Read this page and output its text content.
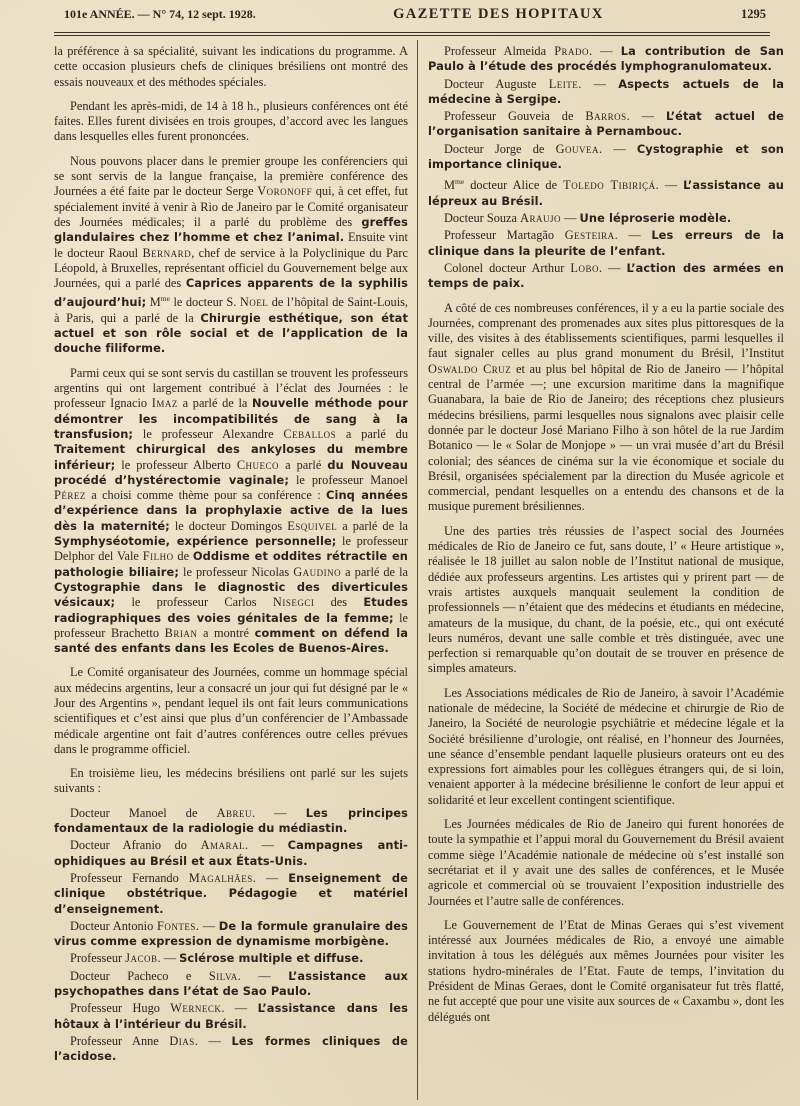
101e ANNÉE. — N° 74, 12 sept. 1928.	GAZETTE DES HOPITAUX	1295

la préférence à sa spécialité, suivant les indications du programme. A cette occasion plusieurs chefs de cliniques brésiliens ont montré des essais nouveaux et des méthodes spéciales.

Pendant les après-midi, de 14 à 18 h., plusieurs conférences ont été faites. Elles furent divisées en trois groupes, d’accord avec les langues dans lesquelles elles furent prononcées.

Nous pouvons placer dans le premier groupe les conférenciers qui se sont servis de la langue française, la première conférence des Journées a été faite par le docteur Serge Voronoff qui, à cet effet, fut spécialement invité à venir à Rio de Janeiro par le Comité organisateur des Journées médicales; il a parlé du problème des greffes glandulaires chez l’homme et chez l’animal. Ensuite vint le docteur Raoul Bernard, chef de service à la Polyclinique du Parc Léopold, à Bruxelles, représentant officiel du Gouvernement belge aux Journées, qui a parlé des Caprices apparents de la syphilis d’aujourd’hui; $M^{me}$ le docteur S. Noel de l’hôpital de Saint-Louis, à Paris, qui a parlé de la Chirurgie esthétique, son état actuel et son rôle social et de l’application de la douche filiforme.

Parmi ceux qui se sont servis du castillan se trouvent les professeurs argentins qui ont largement contribué à l’éclat des Journées : le professeur Ignacio Imaz a parlé de la Nouvelle méthode pour démontrer les incompatibilités de sang à la transfusion; le professeur Alexandre Ceballos a parlé du Traitement chirurgical des ankyloses du membre inférieur; le professeur Alberto Chueco a parlé du Nouveau procédé d’hystérectomie vaginale; le professeur Manoel Pérez a choisi comme thème pour sa conférence : Cinq années d’expérience dans la prophylaxie active de la lues dès la maternité; le docteur Domingos Esquivel a parlé de la Symphyséotomie, expérience personnelle; le professeur Delphor del Vale Filho de Oddisme et oddites rétractile en pathologie biliaire; le professeur Nicolas Gaudino a parlé de la Cystographie dans le diagnostic des diverticules vésicaux; le professeur Carlos Nisegci des Etudes radiographiques des voies génitales de la femme; le professeur Brachetto Brian a montré comment on défend la santé des enfants dans les Ecoles de Buenos-Aires.

Le Comité organisateur des Journées, comme un hommage spécial aux médecins argentins, leur a consacré un jour qui fut désigné par le « Jour des Argentins », pendant lequel ils ont fait leurs communications scientifiques et c’est ainsi que plus d’un conférencier de l’Ambassade médicale argentine ont fait d’autres conférences outre celles prévues dans le programme officiel.

En troisième lieu, les médecins brésiliens ont parlé sur les sujets suivants :

Docteur Manoel de Abreu. — Les principes fondamentaux de la radiologie du médiastin.

Docteur Afranio do Amaral. — Campagnes anti-ophidiques au Brésil et aux États-Unis.

Professeur Fernando Magalhães. — Enseignement de clinique obstétrique. Pédagogie et matériel d’enseignement.

Docteur Antonio Fontes. — De la formule granulaire des virus comme expression de dynamisme morbigène.

Professeur Jacob. — Sclérose multiple et diffuse.

Docteur Pacheco e Silva. — L’assistance aux psychopathes dans l’état de Sao Paulo.

Professeur Hugo Werneck. — L’assistance dans les hôtaux à l’intérieur du Brésil.

Professeur Anne Dias. — Les formes cliniques de l’acidose.

Professeur Almeida Prado. — La contribution de San Paulo à l’étude des procédés lymphogranulomateux.

Docteur Auguste Leite. — Aspects actuels de la médecine à Sergipe.

Professeur Gouveia de Barros. — L’état actuel de l’organisation sanitaire à Pernambouc.

Docteur Jorge de Gouvea. — Cystographie et son importance clinique.

$M^{me}$ docteur Alice de Toledo Tibiriçá. — L’assistance au lépreux au Brésil.

Docteur Souza Araujo — Une léproserie modèle.

Professeur Martagão Gesteira. — Les erreurs de la clinique dans la pleurite de l’enfant.

Colonel docteur Arthur Lobo. — L’action des armées en temps de paix.

A côté de ces nombreuses conférences, il y a eu la partie sociale des Journées, comprenant des promenades aux sites plus pittoresques de la ville, des visites à des établissements scientifiques, parmi lesquelles il faut signaler celles au plus grand monument du Brésil, l’Institut Oswaldo Cruz et au plus bel hôpital de Rio de Janeiro — l’hôpital central de l’armée —; une excursion maritime dans la magnifique Guanabara, la baie de Rio de Janeiro; des réceptions chez plusieurs médecins brésiliens, parmi lesquelles nous signalons avec plaisir celle donnée par le docteur José Mariano Filho à son hôtel de la rue Jardim Botanico — le « Solar de Monjope » — un vrai musée d’art du Brésil colonial; des séances de cinéma sur la vie économique et sociale du Brésil, organisées spécialement par la direction du Musée agricole et commercial, pendant lesquelles on a entendu des chansons et de la musique purement brésiliennes.

Une des parties très réussies de l’aspect social des Journées médicales de Rio de Janeiro ce fut, sans doute, l’ « Heure artistique », réalisée le 18 juillet au salon noble de l’Institut national de musique, dédiée aux professeurs argentins. Les artistes qui y prirent part — de vrais artistes auxquels manquait seulement la condition de professionnels — n’étaient que des médecins et étudiants en médecine, amateurs de la musique, du chant, de la poésie, etc., qui ont exécuté leurs numéros, devant une salle comble et très distinguée, avec une perfection si remarquable qu’on doutait de se trouver en présence de simples amateurs.

Les Associations médicales de Rio de Janeiro, à savoir l’Académie nationale de médecine, la Société de médecine et chirurgie de Rio de Janeiro, la Société de neurologie psychiâtrie et médecine légale et la Société brésilienne d’urologie, ont réalisé, en l’honneur des Journées, une séance d’ensemble pendant laquelle plusieurs orateurs ont eu des expressions fort aimables pour les collègues étrangers qui, de si loin, venaient apporter à la médecine brésilienne le confort de leur appui et solidarité et leur excellent contingent scientifique.

Les Journées médicales de Rio de Janeiro qui furent honorées de toute la sympathie et l’appui moral du Gouvernement du Brésil avaient comme siège l’Académie nationale de médecine où s’est installé son secrétariat et il y avait une des salles de conférences, et le Musée agricole et commercial où se trouvaient l’exposition industrielle des Journées et l’autre salle de conférences.

Le Gouvernement de l’Etat de Minas Geraes qui s’est vivement intéressé aux Journées médicales de Rio, a envoyé une aimable invitation à tous les délégués aux mêmes Journées pour visiter les stations hydro-minérales de l’Etat. Faute de temps, l’invitation du Président de Minas Geraes, dont le Comité organisateur fut très flatté, ne fut accepté que pour une visite aux sources de « Caxambu », dont les délégués ont
